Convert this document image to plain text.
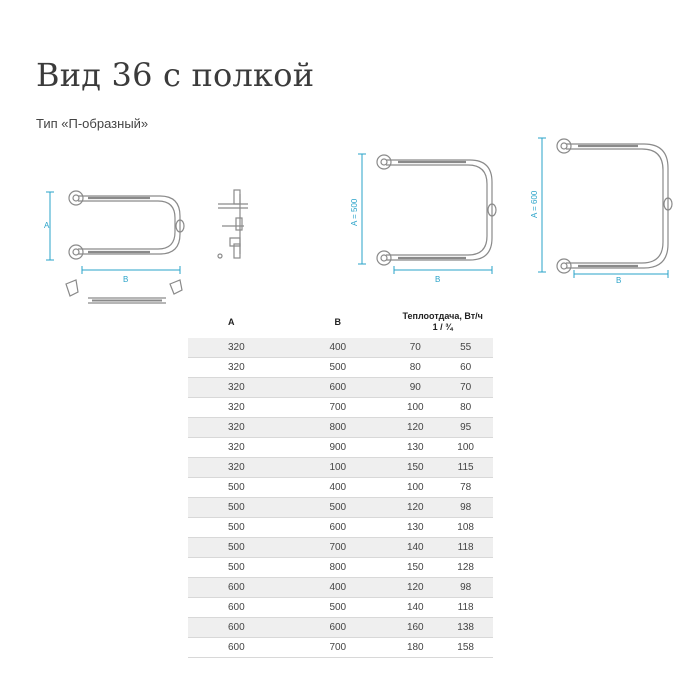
Вид 36 с полкой
Тип «П-образный»
A
B
A = 500
B
A = 600
B
A	B	Теплоотдача, Вт/ч
1 / ¾	
320	400	70	55
320	500	80	60
320	600	90	70
320	700	100	80
320	800	120	95
320	900	130	100
320	100	150	115
500	400	100	78
500	500	120	98
500	600	130	108
500	700	140	118
500	800	150	128
600	400	120	98
600	500	140	118
600	600	160	138
600	700	180	158
